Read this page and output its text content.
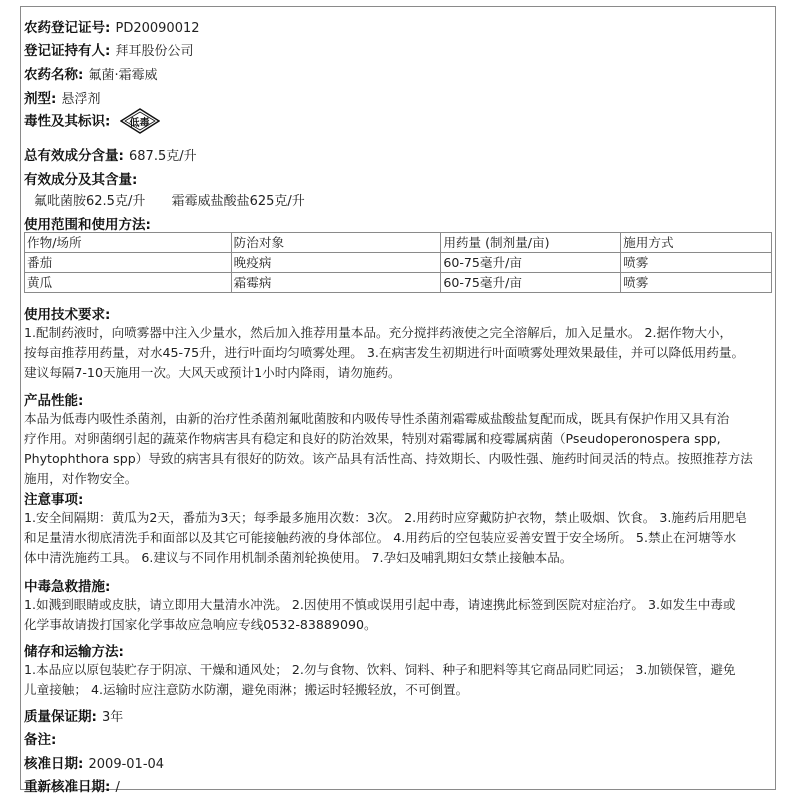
农药登记证号: PD20090012
登记证持有人: 拜耳股份公司
农药名称: 氟菌·霜霉威
剂型: 悬浮剂
毒性及其标识:	低毒
总有效成分含量: 687.5克/升
有效成分及其含量:
氟吡菌胺62.5克/升 霜霉威盐酸盐625克/升
使用范围和使用方法:
作物/场所	防治对象	用药量 (制剂量/亩)	施用方式
番茄	晚疫病	60-75毫升/亩	喷雾
黄瓜	霜霉病	60-75毫升/亩	喷雾
使用技术要求:
1.配制药液时，向喷雾器中注入少量水，然后加入推荐用量本品。充分搅拌药液使之完全溶解后，加入足量水。 2.据作物大小，
按每亩推荐用药量，对水45-75升，进行叶面均匀喷雾处理。 3.在病害发生初期进行叶面喷雾处理效果最佳，并可以降低用药量。
建议每隔7-10天施用一次。大风天或预计1小时内降雨，请勿施药。
产品性能:
本品为低毒内吸性杀菌剂，由新的治疗性杀菌剂氟吡菌胺和内吸传导性杀菌剂霜霉威盐酸盐复配而成，既具有保护作用又具有治
疗作用。对卵菌纲引起的蔬菜作物病害具有稳定和良好的防治效果，特别对霜霉属和疫霉属病菌（Pseudoperonospera spp,
Phytophthora spp）导致的病害具有很好的防效。该产品具有活性高、持效期长、内吸性强、施药时间灵活的特点。按照推荐方法
施用，对作物安全。
注意事项:
1.安全间隔期：黄瓜为2天，番茄为3天；每季最多施用次数：3次。 2.用药时应穿戴防护衣物，禁止吸烟、饮食。 3.施药后用肥皂
和足量清水彻底清洗手和面部以及其它可能接触药液的身体部位。 4.用药后的空包装应妥善安置于安全场所。 5.禁止在河塘等水
体中清洗施药工具。 6.建议与不同作用机制杀菌剂轮换使用。 7.孕妇及哺乳期妇女禁止接触本品。
中毒急救措施:
1.如溅到眼睛或皮肤，请立即用大量清水冲洗。 2.因使用不慎或误用引起中毒，请速携此标签到医院对症治疗。 3.如发生中毒或
化学事故请拨打国家化学事故应急响应专线0532-83889090。
储存和运输方法:
1.本品应以原包装贮存于阴凉、干燥和通风处； 2.勿与食物、饮料、饲料、种子和肥料等其它商品同贮同运； 3.加锁保管，避免
儿童接触； 4.运输时应注意防水防潮，避免雨淋；搬运时轻搬轻放，不可倒置。
质量保证期: 3年
备注:
核准日期: 2009-01-04
重新核准日期: /
